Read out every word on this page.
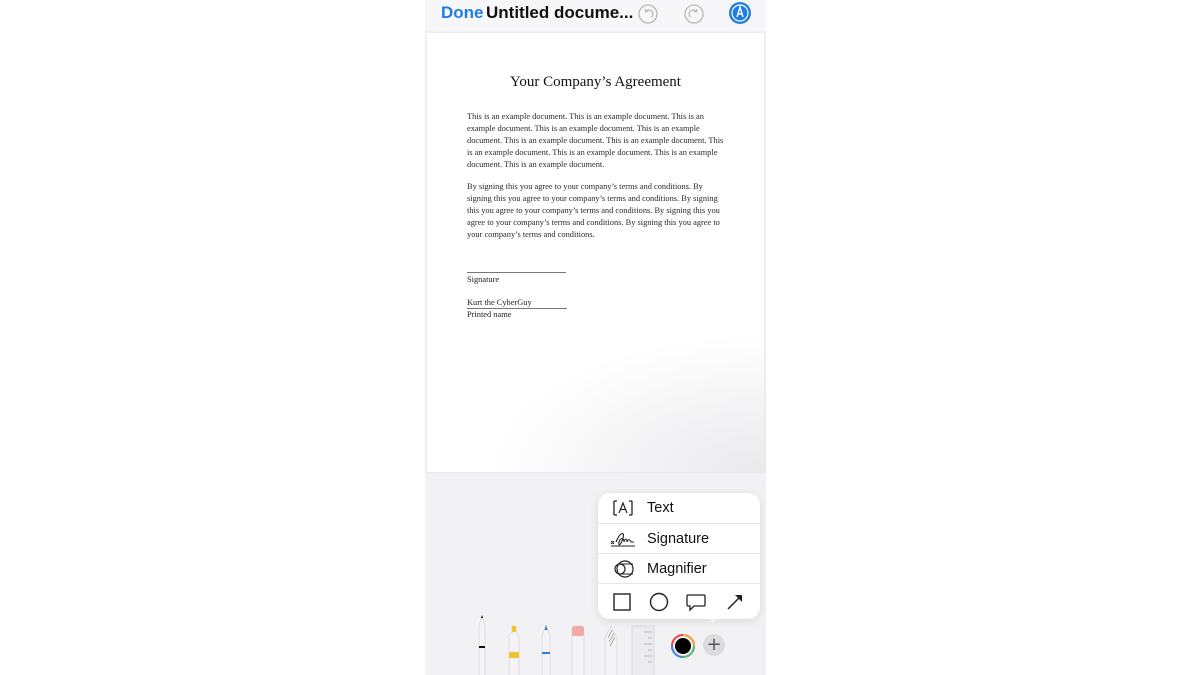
Done Untitled docume...
Your Company’s Agreement
This is an example document. This is an example document. This is an example document. This is an example document. This is an example document. This is an example document. This is an example document. This is an example document. This is an example document. This is an example document. This is an example document.
By signing this you agree to your company’s terms and conditions. By signing this you agree to your company’s terms and conditions. By signing this you agree to your company’s terms and conditions. By signing this you agree to your company’s terms and conditions. By signing this you agree to your company’s terms and conditions.
Signature
Kurt the CyberGuy
Printed name
+
Text
Signature
Magnifier
